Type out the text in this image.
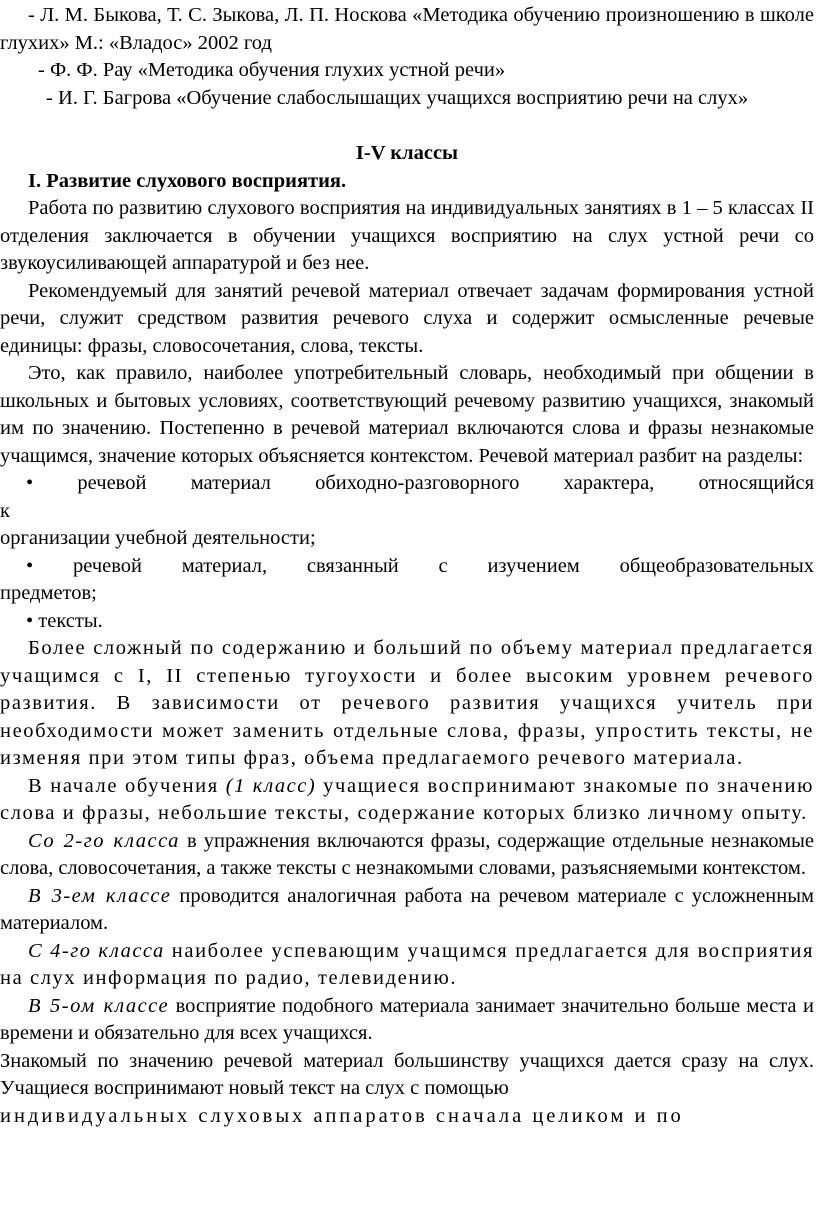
- Л. М. Быкова, Т. С. Зыкова, Л. П. Носкова «Методика обучению произношению в школе глухих» М.: «Владос» 2002 год

- Ф. Ф. Рау «Методика обучения глухих устной речи»

- И. Г. Багрова «Обучение слабослышащих учащихся восприятию речи на слух»

I-V классы

I. Развитие слухового восприятия.

Работа по развитию слухового восприятия на индивидуальных занятиях в 1 – 5 классах II отделения заключается в обучении учащихся восприятию на слух устной речи со звукоусиливающей аппаратурой и без нее.

Рекомендуемый для занятий речевой материал отвечает задачам формирования устной речи, служит средством развития речевого слуха и содержит осмысленные речевые единицы: фразы, словосочетания, слова, тексты.

Это, как правило, наиболее употребительный словарь, необходимый при общении в школьных и бытовых условиях, соответствующий речевому развитию учащихся, знакомый им по значению. Постепенно в речевой материал включаются слова и фразы незнакомые учащимся, значение которых объясняется контекстом. Речевой материал разбит на разделы:

• речевой материал обиходно-разговорного характера, относящийся

к

организации учебной деятельности;

• речевой материал, связанный с изучением общеобразовательных

предметов;

• тексты.

Более сложный по содержанию и больший по объему материал предлагается учащимся с I, II степенью тугоухости и более высоким уровнем речевого развития. В зависимости от речевого развития учащихся учитель при необходимости может заменить отдельные слова, фразы, упростить тексты, не изменяя при этом типы фраз, объема предлагаемого речевого материала.

В начале обучения (1 класс) учащиеся воспринимают знакомые по значению слова и фразы, небольшие тексты, содержание которых близко личному опыту.

Со 2-го класса в упражнения включаются фразы, содержащие отдельные незнакомые слова, словосочетания, а также тексты с незнакомыми словами, разъясняемыми контекстом.

В 3-ем классе проводится аналогичная работа на речевом материале с усложненным материалом.

С 4-го класса наиболее успевающим учащимся предлагается для восприятия на слух информация по радио, телевидению.

В 5-ом классе восприятие подобного материала занимает значительно больше места и времени и обязательно для всех учащихся.

Знакомый по значению речевой материал большинству учащихся дается сразу на слух. Учащиеся воспринимают новый текст на слух с помощью

индивидуальных слуховых аппаратов сначала целиком и по
